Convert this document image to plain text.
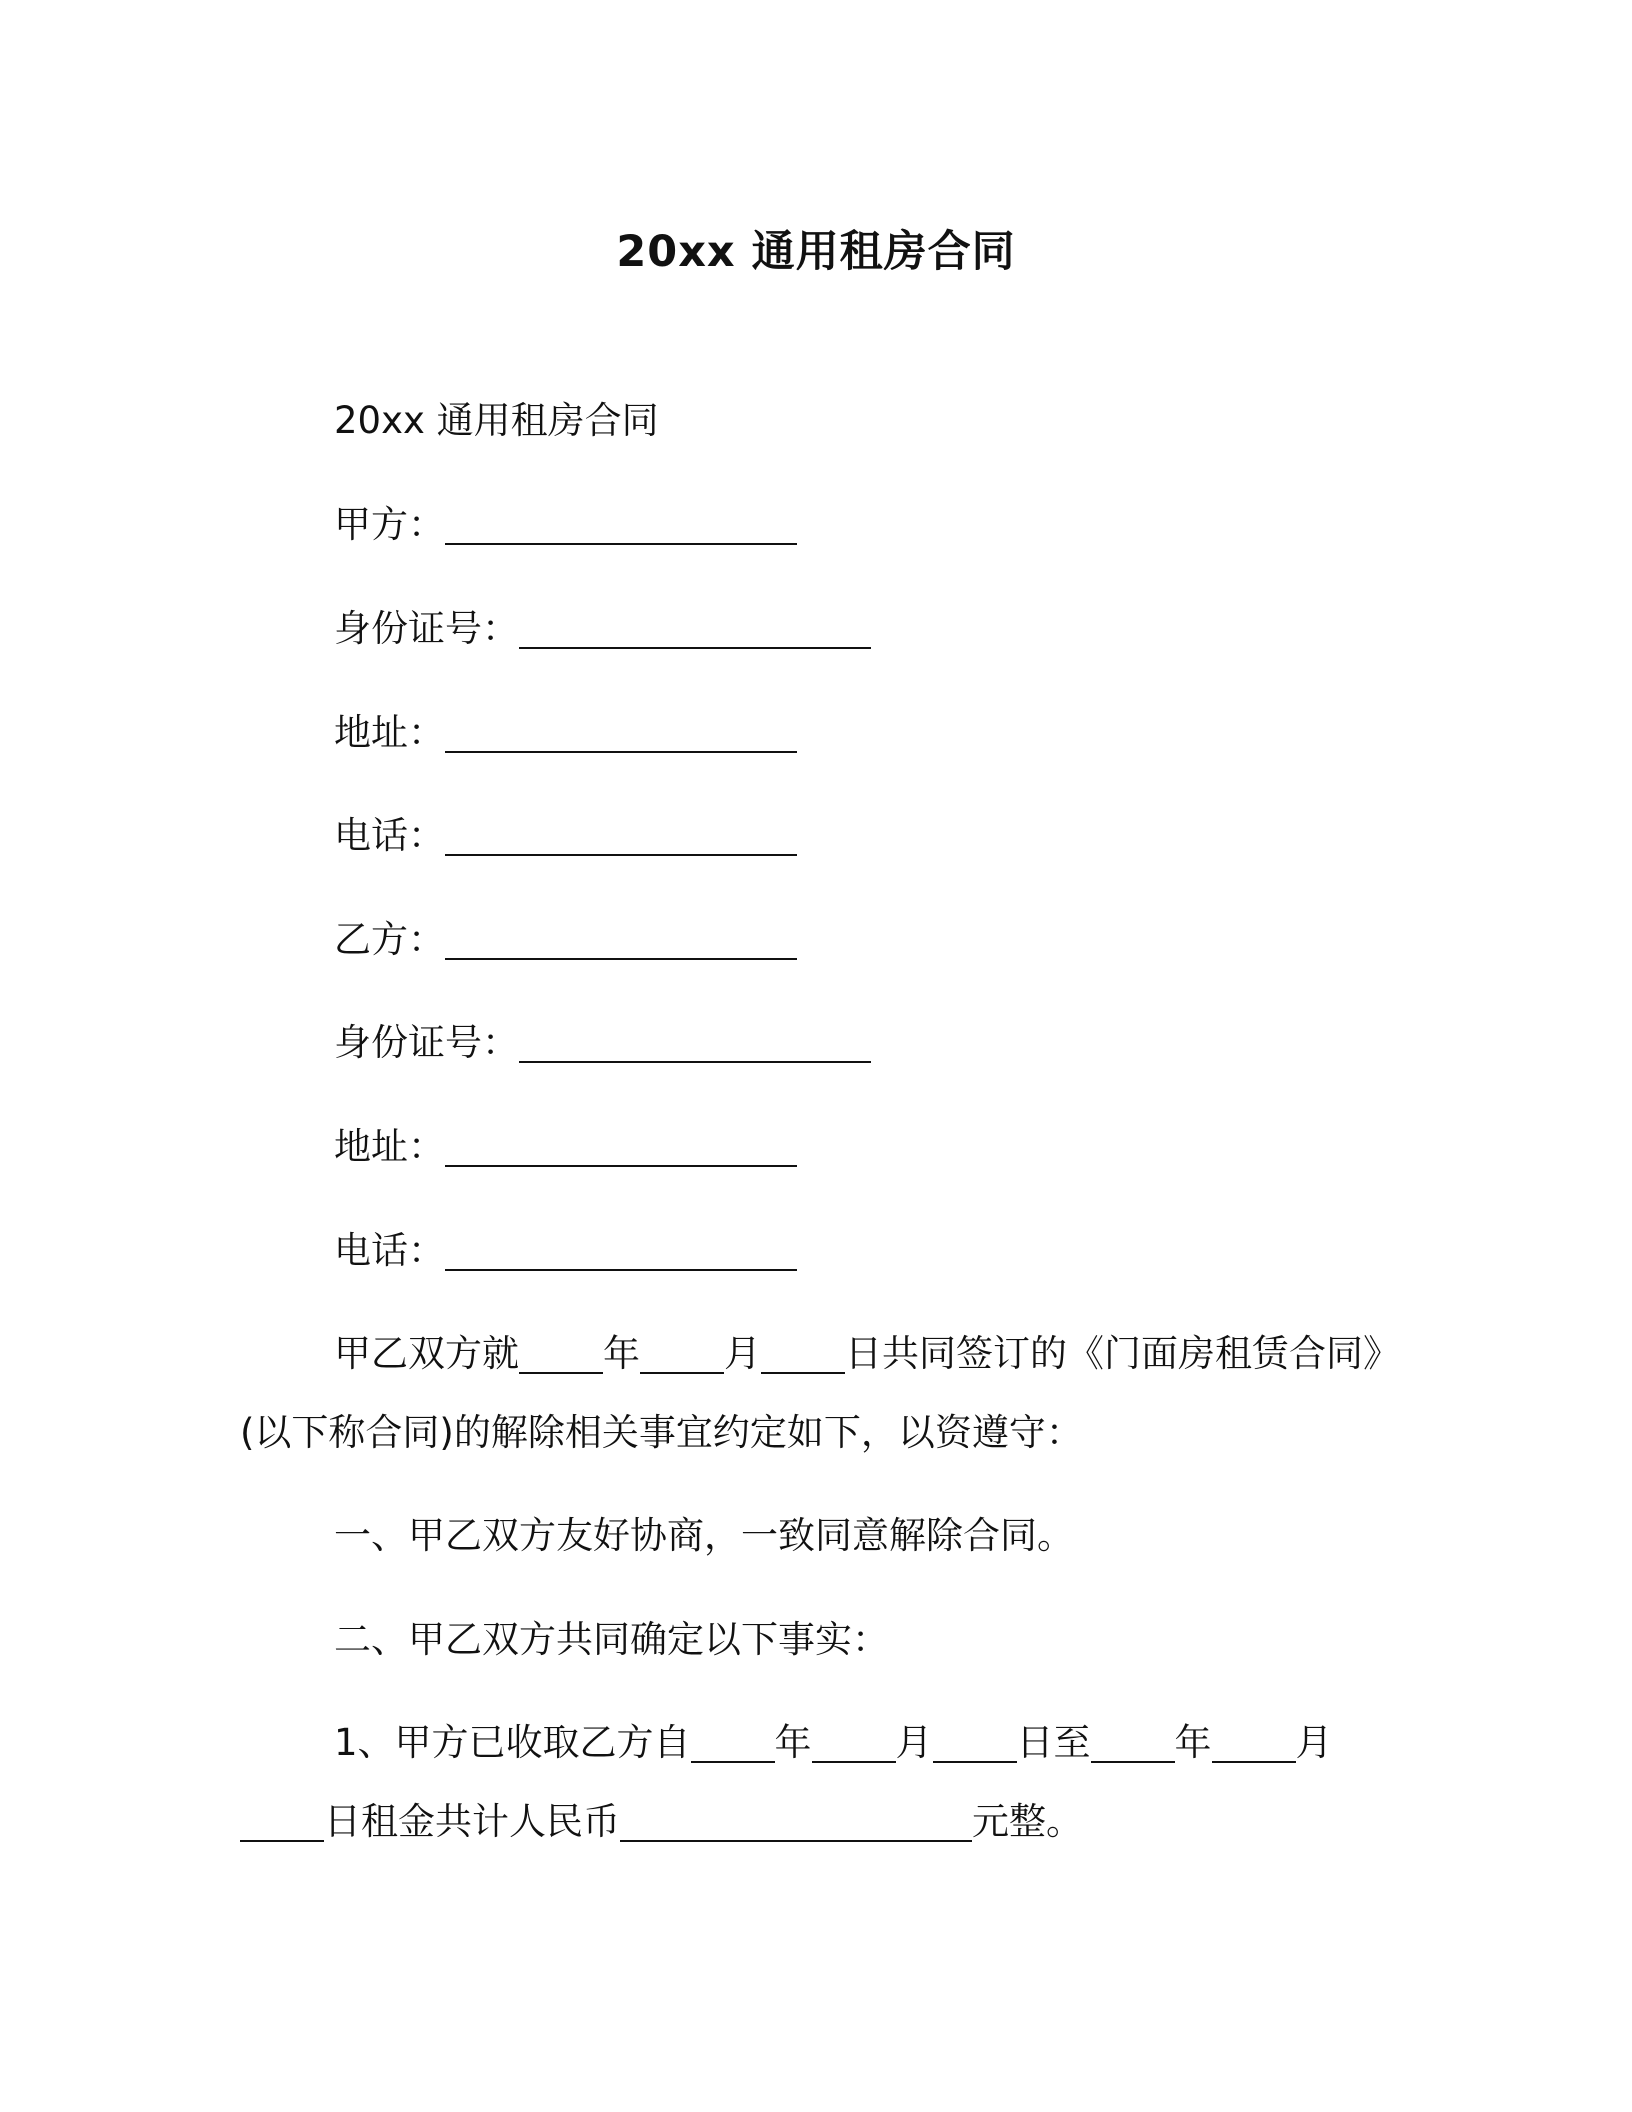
20xx 通用租房合同
20xx 通用租房合同
甲方：
身份证号：
地址：
电话：
乙方：
身份证号：
地址：
电话：
甲乙双方就 年 月 日共同签订的《门面房租赁合同》
(以下称合同)的解除相关事宜约定如下，以资遵守：
一、甲乙双方友好协商，一致同意解除合同。
二、甲乙双方共同确定以下事实：
1、甲方已收取乙方自 年 月 日至 年 月
日租金共计人民币	元整。
